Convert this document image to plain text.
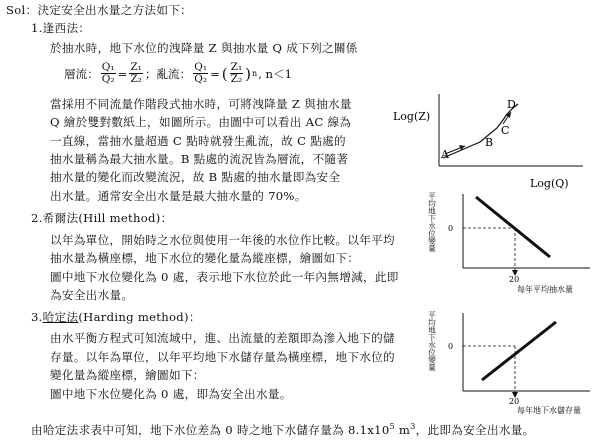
Sol：決定安全出水量之方法如下：
1.逢西法：
於抽水時，地下水位的洩降量 Z 與抽水量 Q 成下列之關係
層流： $\frac{\text{Q₁}}{\text{Q₂}} = \frac{\text{Z₁}}{\text{Z₂}}$ ；亂流： $\frac{\text{Q₁}}{\text{Q₂}}$ = ( $\frac{\text{Z₁}}{\text{Z₂}}$ ) n , n＜1
當採用不同流量作階段式抽水時，可將洩降量 Z 與抽水量
Q 繪於雙對數紙上，如圖所示。由圖中可以看出 AC 線為
一直線，當抽水量超過 C 點時就發生亂流，故 C 點處的
抽水量稱為最大抽水量。B 點處的流況皆為層流，不隨著
抽水量的變化而改變流況，故 B 點處的抽水量即為安全
出水量。通常安全出水量是最大抽水量的 70%。
2.希爾法(Hill method)：
以年為單位，開始時之水位與使用一年後的水位作比較。以年平均
抽水量為橫座標，地下水位的變化量為縱座標，繪圖如下：
圖中地下水位變化為 0 處，表示地下水位於此一年內無增減，此即
為安全出水量。
3.哈定法(Harding method)：
由水平衡方程式可知流域中，進、出流量的差額即為滲入地下的儲
存量。以年為單位，以年平均地下水儲存量為橫座標，地下水位的
變化量為縱座標，繪圖如下：
圖中地下水位變化為 0 處，即為安全出水量。
由哈定法求表中可知，地下水位差為 0 時之地下水儲存量為 $8.1x10^5$ $m^3$，此即為安全出水量。
Log(Z)
Log(Q)
A
B
C
D
平均地下水位變量 0
20
每年平均抽水量
平均地下水位變量 0
20
每年地下水儲存量
